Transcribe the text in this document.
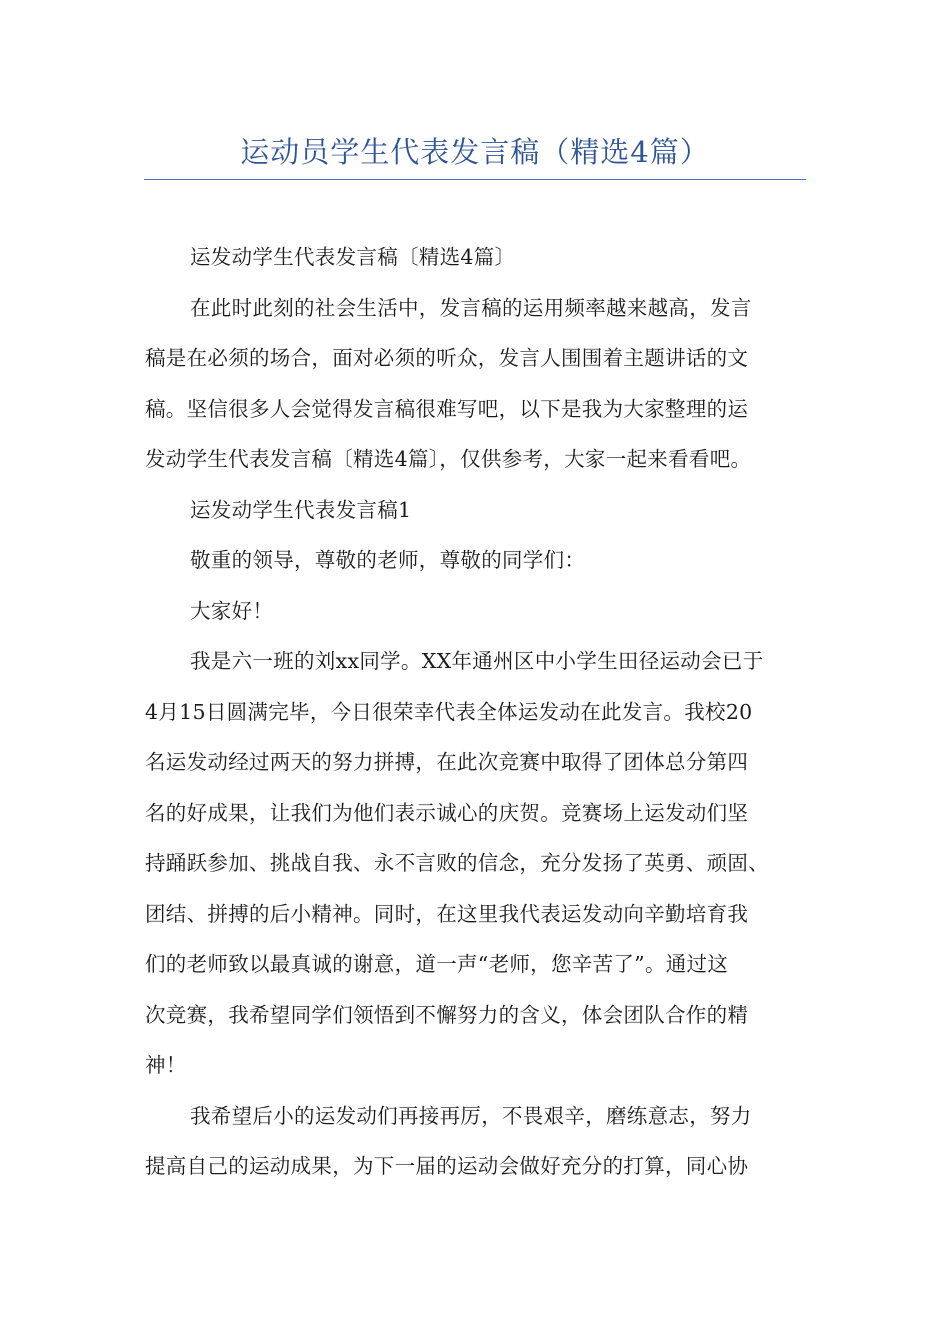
运动员学生代表发言稿（精选4篇）

运发动学生代表发言稿〔精选4篇〕

在此时此刻的社会生活中，发言稿的运用频率越来越高，发言
稿是在必须的场合，面对必须的听众，发言人围围着主题讲话的文
稿。坚信很多人会觉得发言稿很难写吧，以下是我为大家整理的运
发动学生代表发言稿〔精选4篇〕，仅供参考，大家一起来看看吧。

运发动学生代表发言稿1

敬重的领导，尊敬的老师，尊敬的同学们：

大家好！

我是六一班的刘xx同学。XX年通州区中小学生田径运动会已于
4月15日圆满完毕，今日很荣幸代表全体运发动在此发言。我校20
名运发动经过两天的努力拼搏，在此次竞赛中取得了团体总分第四
名的好成果，让我们为他们表示诚心的庆贺。竞赛场上运发动们坚
持踊跃参加、挑战自我、永不言败的信念，充分发扬了英勇、顽固、
团结、拼搏的后小精神。同时，在这里我代表运发动向辛勤培育我
们的老师致以最真诚的谢意，道一声“老师，您辛苦了”。通过这
次竞赛，我希望同学们领悟到不懈努力的含义，体会团队合作的精
神！

我希望后小的运发动们再接再厉，不畏艰辛，磨练意志，努力
提高自己的运动成果，为下一届的运动会做好充分的打算，同心协
